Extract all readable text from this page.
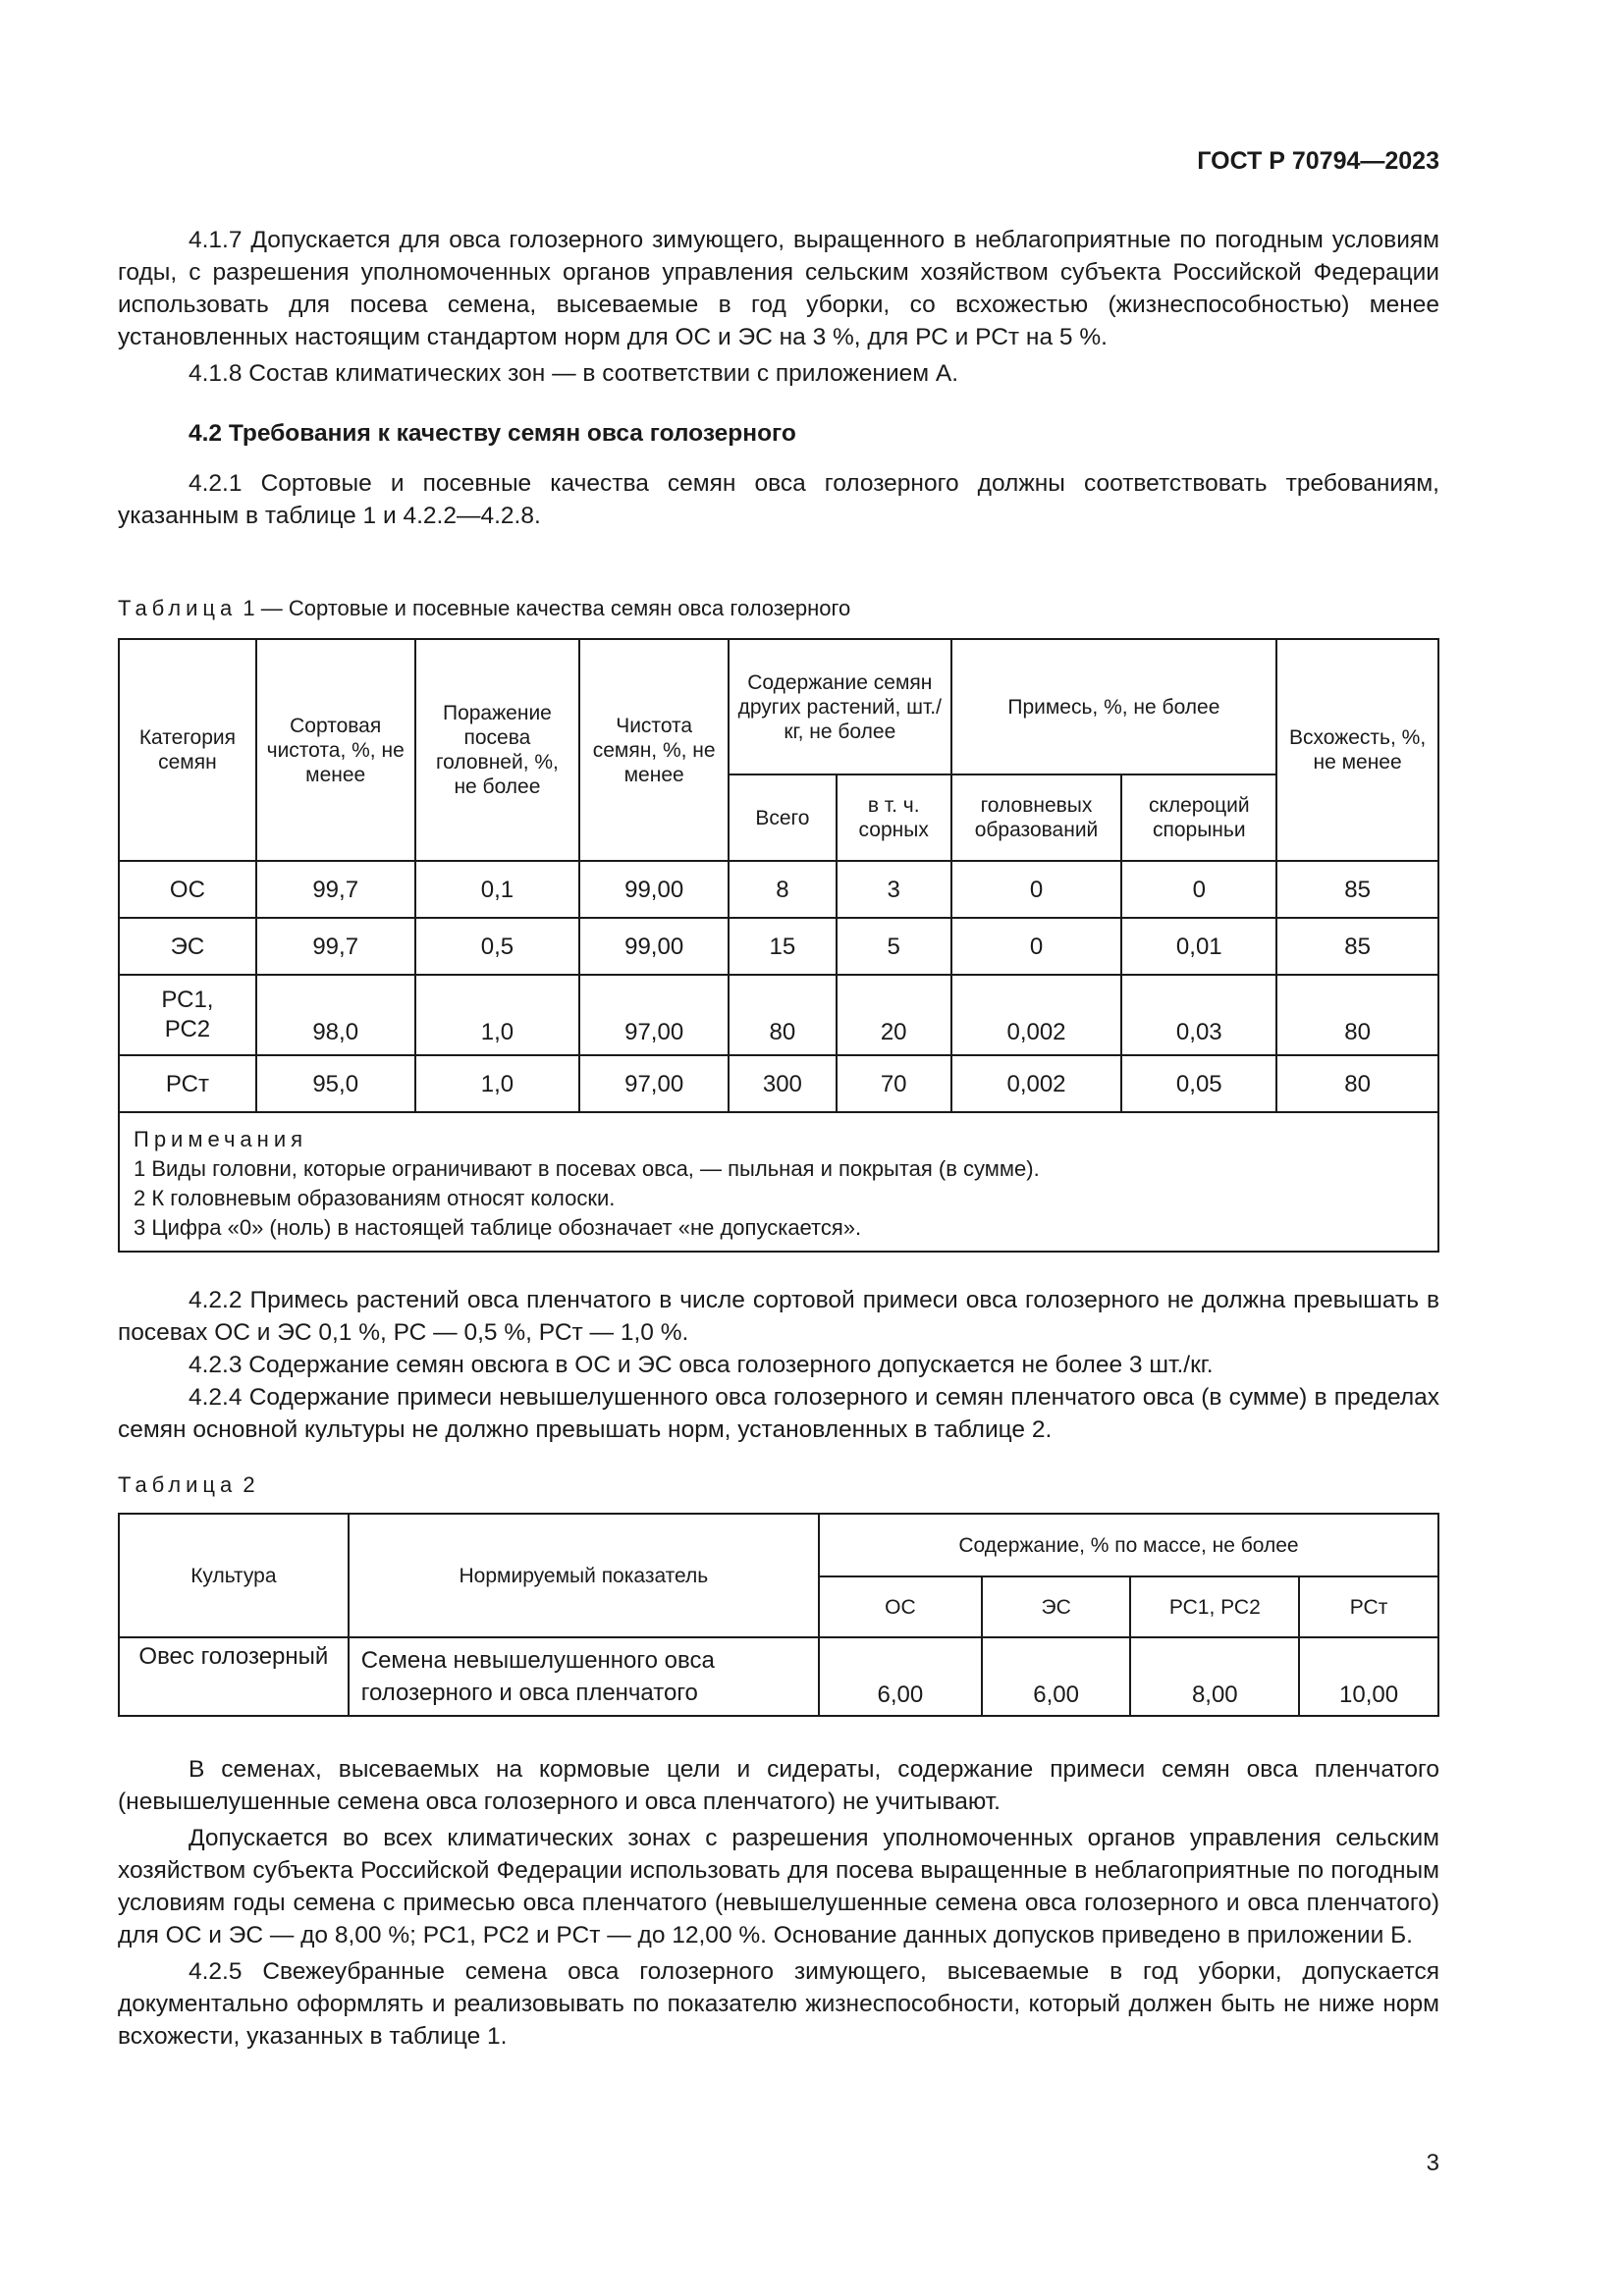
ГОСТ Р 70794—2023

4.1.7 Допускается для овса голозерного зимующего, выращенного в неблагоприятные по погодным условиям годы, с разрешения уполномоченных органов управления сельским хозяйством субъекта Российской Федерации использовать для посева семена, высеваемые в год уборки, со всхожестью (жизнеспособностью) менее установленных настоящим стандартом норм для ОС и ЭС на 3 %, для РС и РСт на 5 %.

4.1.8 Состав климатических зон — в соответствии с приложением А.

4.2 Требования к качеству семян овса голозерного

4.2.1 Сортовые и посевные качества семян овса голозерного должны соответствовать требованиям, указанным в таблице 1 и 4.2.2—4.2.8.

Таблица 1 — Сортовые и посевные качества семян овса голозерного
Категория семян	Сортовая чистота, %, не менее	Поражение посева головней, %, не более	Чистота семян, %, не менее	Содержание семян других растений, шт./кг, не более		Примесь, %, не более		Всхожесть, %, не менее
				Всего	в т. ч. сорных	головневых образований	склероций спорыньи	
ОС	99,7	0,1	99,00	8	3	0	0	85
ЭС	99,7	0,5	99,00	15	5	0	0,01	85
РС1,
РС2	98,0	1,0	97,00	80	20	0,002	0,03	80
РСт	95,0	1,0	97,00	300	70	0,002	0,05	80

Примечания
1 Виды головни, которые ограничивают в посевах овса, — пыльная и покрытая (в сумме).
2 К головневым образованиям относят колоски.
3 Цифра «0» (ноль) в настоящей таблице обозначает «не допускается».								

4.2.2 Примесь растений овса пленчатого в числе сортовой примеси овса голозерного не должна превышать в посевах ОС и ЭС 0,1 %, РС — 0,5 %, РСт — 1,0 %.

4.2.3 Содержание семян овсюга в ОС и ЭС овса голозерного допускается не более 3 шт./кг.

4.2.4 Содержание примеси невышелушенного овса голозерного и семян пленчатого овса (в сумме) в пределах семян основной культуры не должно превышать норм, установленных в таблице 2.

Таблица 2
Культура	Нормируемый показатель	Содержание, % по массе, не более			
		ОС	ЭС	РС1, РС2	РСт
Овес голозерный	Семена невышелушенного овса голозерного и овса пленчатого	6,00	6,00	8,00	10,00

В семенах, высеваемых на кормовые цели и сидераты, содержание примеси семян овса пленчатого (невышелушенные семена овса голозерного и овса пленчатого) не учитывают.

Допускается во всех климатических зонах с разрешения уполномоченных органов управления сельским хозяйством субъекта Российской Федерации использовать для посева выращенные в неблагоприятные по погодным условиям годы семена с примесью овса пленчатого (невышелушенные семена овса голозерного и овса пленчатого) для ОС и ЭС — до 8,00 %; РС1, РС2 и РСт — до 12,00 %. Основание данных допусков приведено в приложении Б.

4.2.5 Свежеубранные семена овса голозерного зимующего, высеваемые в год уборки, допускается документально оформлять и реализовывать по показателю жизнеспособности, который должен быть не ниже норм всхожести, указанных в таблице 1.

3
